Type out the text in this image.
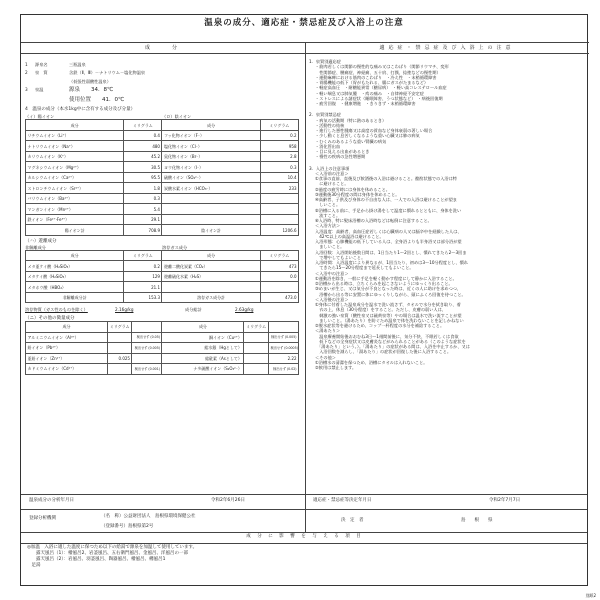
温泉の成分、適応症・禁忌症及び入浴上の注意
成　　分	適応症・禁忌症及び入浴上の注意
1	源泉名	三瓶温泉
2	泉　質	含鉄（Ⅱ，Ⅲ）－ナトリウム－塩化物温泉
（低張性弱酸性温泉）
3	泉温	源泉　　34．8℃
使用位置　　41．0℃
4　温泉の成分（本水1kg中に含有する成分及び分量）
（イ）陽イオン	（ロ）陰イオン
成分	ミリグラム	成分	ミリグラム
リチウムイオン（Li⁺）	0.4	フッ化物イオン（F⁻）	0.2
ナトリウムイオン（Na⁺）	480	塩化物イオン（Cl⁻）	958
カリウムイオン（K⁺）	45.2	臭化物イオン（Br⁻）	2.8
マグネシウムイオン（Mg²⁺）	30.5	ヨウ化物イオン（I⁻）	0.3
カルシウムイオン（Ca²⁺）	95.5	硫酸イオン（SO₄²⁻）	10.4
ストロンチウムイオン（Sr²⁺）	1.8	炭酸水素イオン（HCO₃⁻）	233
バリウムイオン（Ba²⁺）	0.3		
マンガンイオン（Mn²⁺）	5.4		
鉄イオン（Fe²⁺·Fe³⁺）	29.1		
陽イオン計	708.9	陰イオン計	1206.6
（ハ）遊離成分
非解離成分	溶存ガス成分
成分	ミリグラム	成分	ミリグラム
メタ亜ケイ酸（H₂SiO₃）	0.2	遊離二酸化炭素（CO₂）	473
メタケイ酸（H₂SiO₃）	129	遊離硫化水素（H₂S）	0.0
メタホウ酸（HBO₂）	21.1		
非解離成分計	153.3	溶存ガス成分計	473.0
溶存物質（ガス性のものを除く）	2.16g/kg	成分総計	2.63g/kg
（ニ）その他の微量成分
成分	ミリグラム		成分	ミリグラム	
アルミニウムイオン（Al³⁺）		検出せず (0.05)	銅イオン（Cu²⁺）		検出せず (0.005)
鉛イオン（Pb²⁺）		検出せず (0.005)	総水銀（Hgとして）		検出せず (0.0005)
亜鉛イオン（Zn²⁺）	0.025		総砒素（Asとして）		2.22
カドミウムイオン（Cd²⁺）		検出せず (0.001)	ナ多硫酸イオン（S₂O₃²⁻）		検出せず (0.02)
1．泉質別適応症
・筋肉若しくは関節の慢性的な痛み又はこわばり（関節リウマチ、変形
　性関節症、腰痛症、神経痛、五十肩、打撲、捻挫などの慢性期）
・運動麻痺における筋肉のこわばり　・冷え性　・末梢循環障害
・胃腸機能の低下（胃がもたれる、腸にガスがたまるなど）
・軽症高血圧　・耐糖能異常（糖尿病）　・軽い高コレステロール血症
・軽い喘息又は肺気腫　・痔の痛み　・自律神経不安定症
・ストレスによる諸症状（睡眠障害、うつ状態など）　・病後回復期
・疲労回復　・健康増進　・きりきず・末梢循環障害
2．泉質別禁忌症
・病気の活動期（特に熱のあるとき）
・活動性の結核
・進行した悪性腫瘍又は高度の貧血など身体衰弱の著しい場合
・少し動くと息苦しくなるような重い心臓又は肺の病気
・むくみのあるような重い腎臓の病気
・消化管出血
・目に見える出血があるとき
・慢性の疾病の急性増悪期
3．入浴上の注意事項
＜入浴前の注意＞
①食事の直前、直後及び飲酒後の入浴は避けること。酩酊状態での入浴は特
　に避けること。
②過度の疲労時には身体を休めること。
③運動後30分程度の間は身体を休めること。
④高齢者、子供及び身体の不自由な人は、一人での入浴は避けることが望ま
　しいこと。
⑤浴槽に入る前に、手足から掛け湯をして温度に慣れるとともに、身体を洗い
　流すこと。
⑥入浴時、特に髪床浴槽の入浴時などは転倒に注意すること。
＜入浴方法＞
入浴温度：高齢者、高血圧症若しくは心臓病の人又は脳卒中を経験した人は、
　42℃以上の高温浴は避けること。
入浴形態：心肺機能の低下している人は、全身浴よりも半身浴又は部分浴が望
　ましいこと。
入浴回数：入浴開始後数日間は、1日当たり1～2回とし、慣れてきたら2～3回ま
　で増やしてもよいこと。
入浴時間：入浴温度により異なるが、1回当たり、初めは3～10分程度とし、慣れ
　てきたら15～20分程度まで延長してもよいこと。
＜入浴中の注意＞
①運動浴を除き、一般に手足を軽く動かす程度にして静かに入浴すること。
②浴槽から出る時は、立ちくらみを起こさないようにゆっくり出ること。
③めまいが生じ、又は気分が不良となった時は、近くの人に助けを求めつつ、
　浴槽から出る等に安置に体にゆっくりしながら、頭にふくろ回復を待つこと。
＜入浴後の注意＞
①身体に付着した温泉成分を温水で洗い流さず、タオルで水分を拭き取り、着
　衣の上、休息（30分程度）をすること。ただし、皮膚の弱い人は、
　刺激の強い泉質（酸性泉又は硫黄泉等）やの場合は温水で洗い流すことが望
　ましいこと。（湯あたり）を防ぐため温泉で体を洗わないことを記しかねない
②脱水症状等を避けるため、コップ一杯程度の水分を補給すること。
＜湯あたり＞
　温泉療養開始後おおむね3日～1週間前後に、気分不快、不眠若しくは食欲
　低下などの全身症状又は皮膚炎などがみられることがある（このような症状を
　「湯あたり」という。）。「湯あたり」の症状がある間は、入浴を中止するか、又は
　入浴回数を減らし、「湯あたり」の症状が回復した後に入浴すること。
＜その他＞
①浴槽水の清潔を保つため、浴槽にタオルは入れないこと。
②飲用は禁止します。
温泉成分の分析年月日	令和2年6月26日	適応症・禁忌症等決定年月日	令和2年7月7日
登録分析機関	（名　称）公益財団法人　島根県環境保健公社
（登録番号）島根県第2号
決　定　者	島　　根　　県
成　分　に　影　響　を　与　え　る　項　目
◎加温　入浴に適した温度に保つため以下の給湯で源泉を加温して使用しています。
　　露天風呂（1）：檜風呂2、岩釜風呂、五右衛門風呂、金風呂、洋風呂の一部
　　露天風呂（2）：岩風呂、羽釜風呂、陶器風呂、檜風呂、樽風呂1
　足湯
別紙2
